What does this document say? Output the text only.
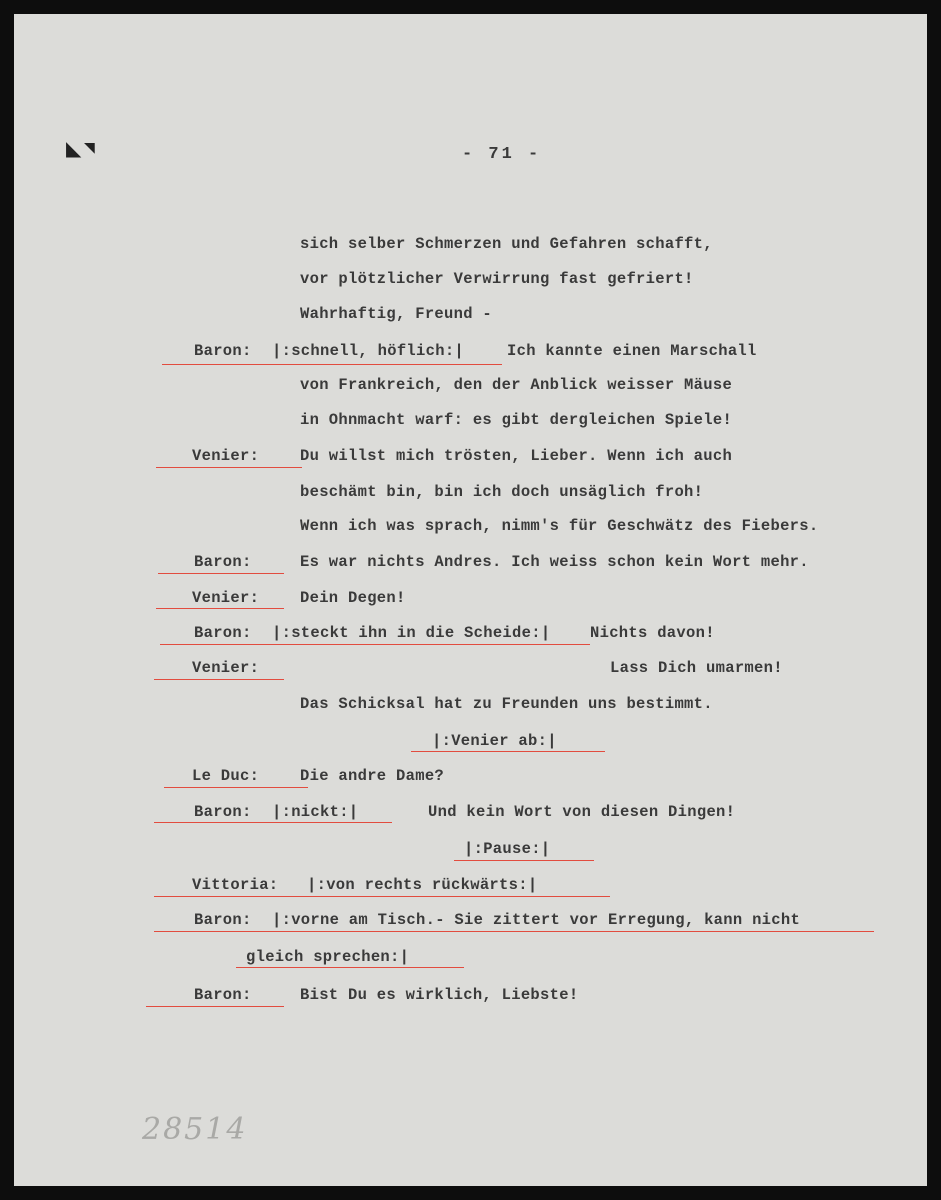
◣ ◥	- 71 -
sich selber Schmerzen und Gefahren schafft,
vor plötzlicher Verwirrung fast gefriert!
Wahrhaftig, Freund -
Baron: |:schnell, höflich:|	Ich kannte einen Marschall
von Frankreich, den der Anblick weisser Mäuse
in Ohnmacht warf: es gibt dergleichen Spiele!
Venier:	Du willst mich trösten, Lieber. Wenn ich auch
beschämt bin, bin ich doch unsäglich froh!
Wenn ich was sprach, nimm's für Geschwätz des Fiebers.
Baron:	Es war nichts Andres. Ich weiss schon kein Wort mehr.
Venier:	Dein Degen!
Baron: |:steckt ihn in die Scheide:|	Nichts davon!
Venier:	Lass Dich umarmen!
Das Schicksal hat zu Freunden uns bestimmt.
|:Venier ab:|
Le Duc:	Die andre Dame?
Baron: |:nickt:|	Und kein Wort von diesen Dingen!
|:Pause:|
Vittoria: |:von rechts rückwärts:|
Baron: |:vorne am Tisch.- Sie zittert vor Erregung, kann nicht
gleich sprechen:|
Baron:	Bist Du es wirklich, Liebste!
28514
